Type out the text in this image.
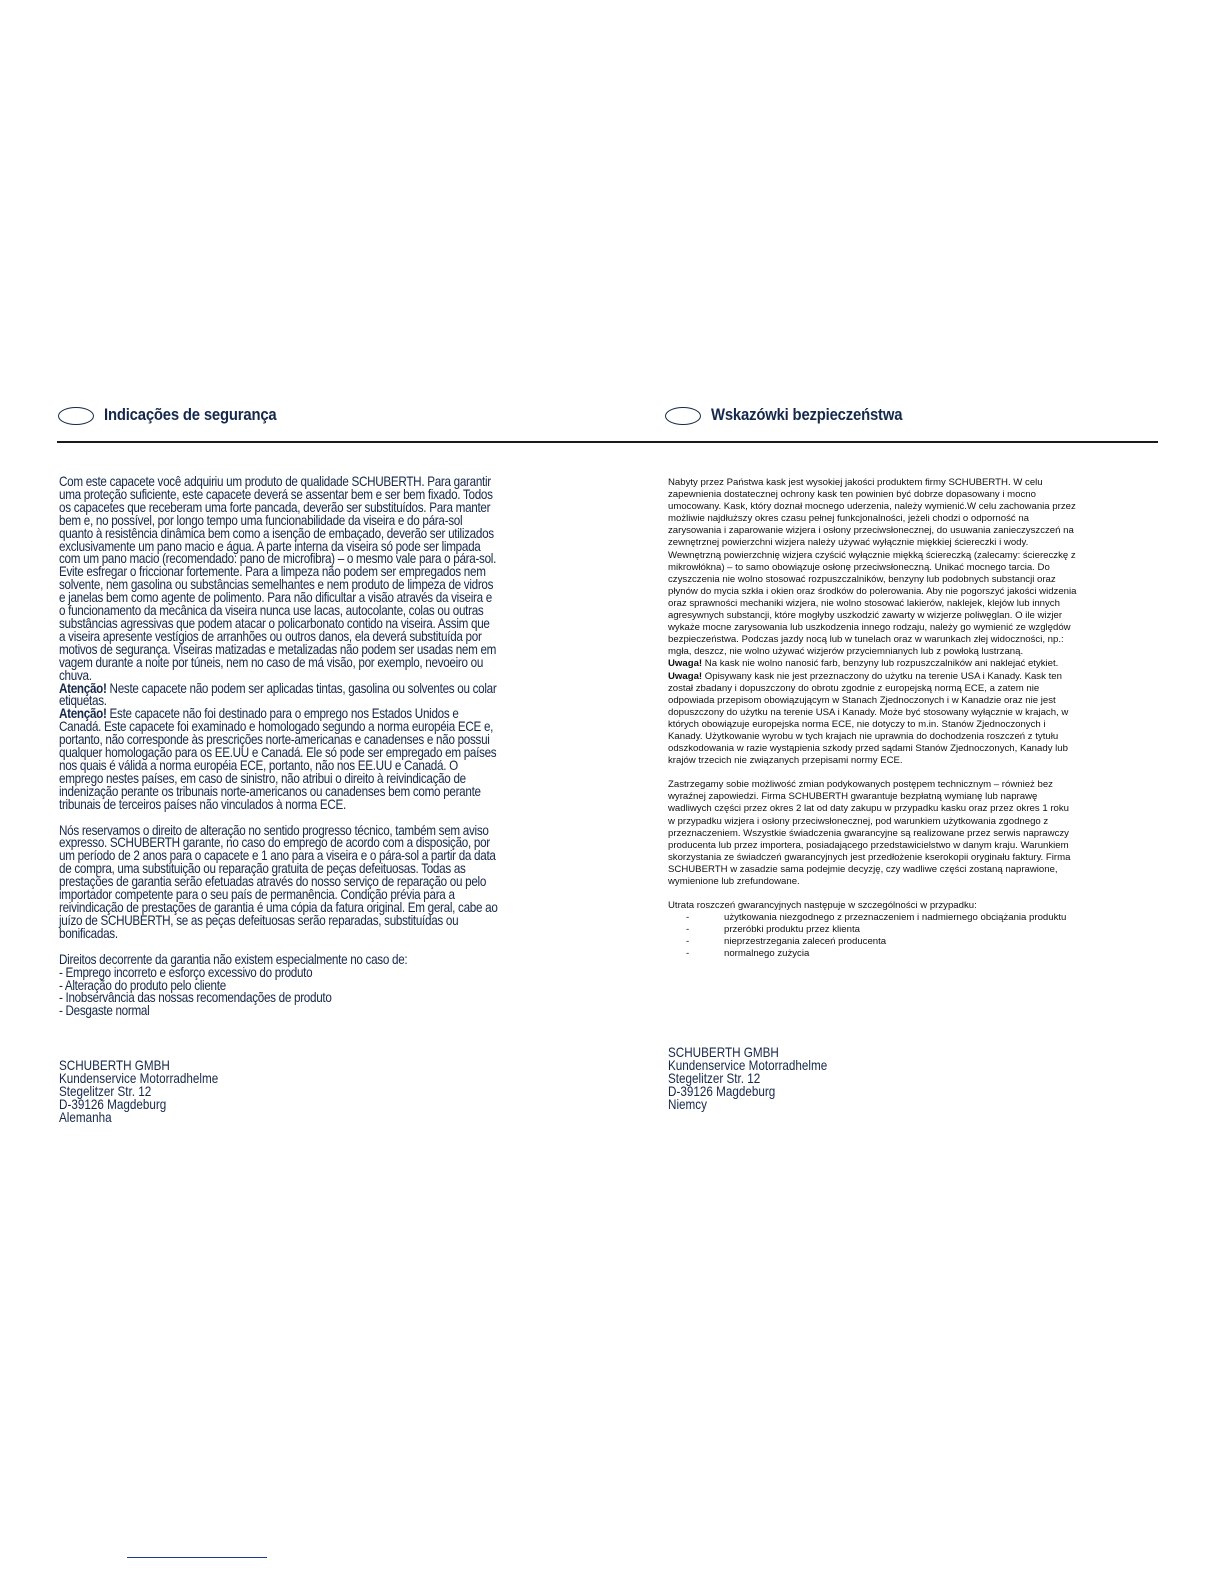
Indicações de segurança	Wskazówki bezpieczeństwa

Com este capacete você adquiriu um produto de qualidade SCHUBERTH. Para garantir uma proteção suficiente, este capacete deverá se assentar bem e ser bem fixado. Todos os capacetes que receberam uma forte pancada, deverão ser substituídos. Para manter bem e, no possível, por longo tempo uma funcionabilidade da viseira e do pára-sol quanto à resistência dinâmica bem como a isenção de embaçado, deverão ser utilizados exclusivamente um pano macio e água. A parte interna da viseira só pode ser limpada com um pano macio (recomendado: pano de microfibra) – o mesmo vale para o pára-sol. Evite esfregar o friccionar fortemente. Para a limpeza não podem ser empregados nem solvente, nem gasolina ou substâncias semelhantes e nem produto de limpeza de vidros e janelas bem como agente de polimento. Para não dificultar a visão através da viseira e o funcionamento da mecânica da viseira nunca use lacas, autocolante, colas ou outras substâncias agressivas que podem atacar o policarbonato contido na viseira. Assim que a viseira apresente vestígios de arranhões ou outros danos, ela deverá substituída por motivos de segurança. Viseiras matizadas e metalizadas não podem ser usadas nem em vagem durante a noite por túneis, nem no caso de má visão, por exemplo, nevoeiro ou chuva.

Atenção! Neste capacete não podem ser aplicadas tintas, gasolina ou solventes ou colar etiquetas.

Atenção! Este capacete não foi destinado para o emprego nos Estados Unidos e Canadá. Este capacete foi examinado e homologado segundo a norma européia ECE e, portanto, não corresponde às prescrições norte-americanas e canadenses e não possui qualquer homologação para os EE.UU e Canadá. Ele só pode ser empregado em países nos quais é válida a norma européia ECE, portanto, não nos EE.UU e Canadá. O emprego nestes países, em caso de sinistro, não atribui o direito à reivindicação de indenização perante os tribunais norte-americanos ou canadenses bem como perante tribunais de terceiros países não vinculados à norma ECE.

Nós reservamos o direito de alteração no sentido progresso técnico, também sem aviso expresso. SCHUBERTH garante, no caso do emprego de acordo com a disposição, por um período de 2 anos para o capacete e 1 ano para a viseira e o pára-sol a partir da data de compra, uma substituição ou reparação gratuita de peças defeituosas. Todas as prestações de garantia serão efetuadas através do nosso serviço de reparação ou pelo importador competente para o seu país de permanência. Condição prévia para a reivindicação de prestações de garantia é uma cópia da fatura original. Em geral, cabe ao juízo de SCHUBERTH, se as peças defeituosas serão reparadas, substituídas ou bonificadas.

Direitos decorrente da garantia não existem especialmente no caso de:

- Emprego incorreto e esforço excessivo do produto

- Alteração do produto pelo cliente

- Inobservância das nossas recomendações de produto

- Desgaste normal

SCHUBERTH GMBH
Kundenservice Motorradhelme
Stegelitzer Str. 12
D-39126 Magdeburg
Alemanha

Nabyty przez Państwa kask jest wysokiej jakości produktem firmy SCHUBERTH. W celu zapewnienia dostatecznej ochrony kask ten powinien być dobrze dopasowany i mocno umocowany. Kask, który doznał mocnego uderzenia, należy wymienić.W celu zachowania przez możliwie najdłuższy okres czasu pełnej funkcjonalności, jeżeli chodzi o odporność na zarysowania i zaparowanie wizjera i osłony przeciwsłonecznej, do usuwania zanieczyszczeń na zewnętrznej powierzchni wizjera należy używać wyłącznie miękkiej ściereczki i wody. Wewnętrzną powierzchnię wizjera czyścić wyłącznie miękką ściereczką (zalecamy: ściereczkę z mikrowłókna) – to samo obowiązuje osłonę przeciwsłoneczną. Unikać mocnego tarcia. Do czyszczenia nie wolno stosować rozpuszczalników, benzyny lub podobnych substancji oraz płynów do mycia szkła i okien oraz środków do polerowania. Aby nie pogorszyć jakości widzenia oraz sprawności mechaniki wizjera, nie wolno stosować lakierów, naklejek, klejów lub innych agresywnych substancji, które mogłyby uszkodzić zawarty w wizjerze poliwęglan. O ile wizjer wykaże mocne zarysowania lub uszkodzenia innego rodzaju, należy go wymienić ze względów bezpieczeństwa. Podczas jazdy nocą lub w tunelach oraz w warunkach złej widoczności, np.: mgła, deszcz, nie wolno używać wizjerów przyciemnianych lub z powłoką lustrzaną.

Uwaga! Na kask nie wolno nanosić farb, benzyny lub rozpuszczalników ani naklejać etykiet.

Uwaga! Opisywany kask nie jest przeznaczony do użytku na terenie USA i Kanady. Kask ten został zbadany i dopuszczony do obrotu zgodnie z europejską normą ECE, a zatem nie odpowiada przepisom obowiązującym w Stanach Zjednoczonych i w Kanadzie oraz nie jest dopuszczony do użytku na terenie USA i Kanady. Może być stosowany wyłącznie w krajach, w których obowiązuje europejska norma ECE, nie dotyczy to m.in. Stanów Zjednoczonych i Kanady. Użytkowanie wyrobu w tych krajach nie uprawnia do dochodzenia roszczeń z tytułu odszkodowania w razie wystąpienia szkody przed sądami Stanów Zjednoczonych, Kanady lub krajów trzecich nie związanych przepisami normy ECE.

Zastrzegamy sobie możliwość zmian podykowanych postępem technicznym – również bez wyraźnej zapowiedzi. Firma SCHUBERTH gwarantuje bezpłatną wymianę lub naprawę wadliwych części przez okres 2 lat od daty zakupu w przypadku kasku oraz przez okres 1 roku w przypadku wizjera i osłony przeciwsłonecznej, pod warunkiem użytkowania zgodnego z przeznaczeniem. Wszystkie świadczenia gwarancyjne są realizowane przez serwis naprawczy producenta lub przez importera, posiadającego przedstawicielstwo w danym kraju. Warunkiem skorzystania ze świadczeń gwarancyjnych jest przedłożenie kserokopii oryginału faktury. Firma SCHUBERTH w zasadzie sama podejmie decyzję, czy wadliwe części zostaną naprawione, wymienione lub zrefundowane.

Utrata roszczeń gwarancyjnych następuje w szczególności w przypadku:

-	użytkowania niezgodnego z przeznaczeniem i nadmiernego obciążania produktu
-	przeróbki produktu przez klienta
-	nieprzestrzegania zaleceń producenta
-	normalnego zużycia
SCHUBERTH GMBH
Kundenservice Motorradhelme
Stegelitzer Str. 12
D-39126 Magdeburg
Niemcy
